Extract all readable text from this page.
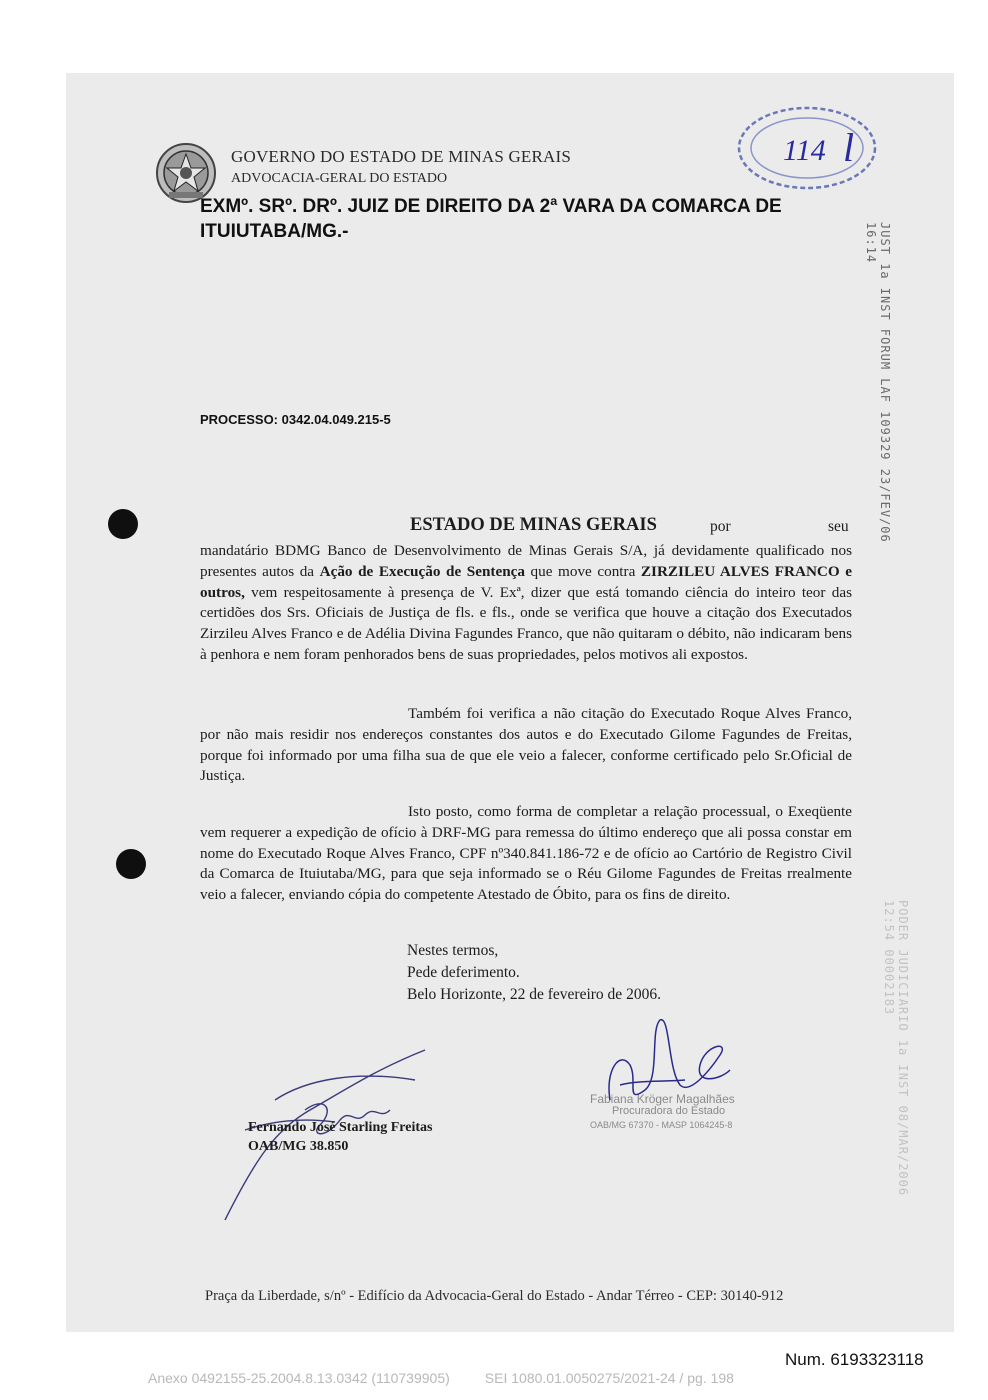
GOVERNO DO ESTADO DE MINAS GERAIS
ADVOCACIA-GERAL DO ESTADO
EXMº. SRº. DRº. JUIZ DE DIREITO DA 2ª VARA DA COMARCA DE
ITUIUTABA/MG.-
114 l
JUST 1a INST FORUM LAF 109329 23/FEV/06 16:14
PODER JUDICIARIO 1a INST 08/MAR/2006 12:54 00002183
PROCESSO: 0342.04.049.215-5
ESTADO DE MINAS GERAIS	por	seu
mandatário BDMG Banco de Desenvolvimento de Minas Gerais S/A, já devidamente qualificado nos presentes autos da Ação de Execução de Sentença que move contra ZIRZILEU ALVES FRANCO e outros, vem respeitosamente à presença de V. Exª, dizer que está tomando ciência do inteiro teor das certidões dos Srs. Oficiais de Justiça de fls. e fls., onde se verifica que houve a citação dos Executados Zirzileu Alves Franco e de Adélia Divina Fagundes Franco, que não quitaram o débito, não indicaram bens à penhora e nem foram penhorados bens de suas propriedades, pelos motivos ali expostos.
Também foi verifica a não citação do Executado Roque Alves Franco, por não mais residir nos endereços constantes dos autos e do Executado Gilome Fagundes de Freitas, porque foi informado por uma filha sua de que ele veio a falecer, conforme certificado pelo Sr.Oficial de Justiça.
Isto posto, como forma de completar a relação processual, o Exeqüente vem requerer a expedição de ofício à DRF-MG para remessa do último endereço que ali possa constar em nome do Executado Roque Alves Franco, CPF nº340.841.186-72 e de ofício ao Cartório de Registro Civil da Comarca de Ituiutaba/MG, para que seja informado se o Réu Gilome Fagundes de Freitas rrealmente veio a falecer, enviando cópia do competente Atestado de Óbito, para os fins de direito.
Nestes termos,
Pede deferimento.
Belo Horizonte, 22 de fevereiro de 2006.
Fernando José Starling Freitas
OAB/MG 38.850
Fabiana Kröger Magalhães
Procuradora do Estado
OAB/MG 67370 - MASP 1064245-8
Praça da Liberdade, s/nº - Edifício da Advocacia-Geral do Estado - Andar Térreo - CEP: 30140-912
Num. 6193323118
Anexo 0492155-25.2004.8.13.0342 (110739905)	SEI 1080.01.0050275/2021-24 / pg. 198
